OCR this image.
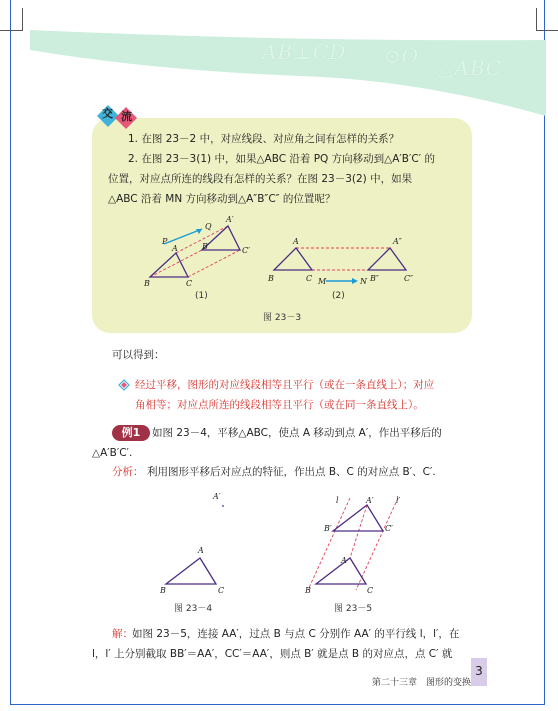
AB⊥CD ⊙O △ABC
交 流
1. 在图 23－2 中，对应线段、对应角之间有怎样的关系？
2. 在图 23－3(1) 中，如果△ABC 沿着 PQ 方向移动到△A′B′C′ 的
位置，对应点所连的线段有怎样的关系？在图 23－3(2) 中，如果
△ABC 沿着 MN 方向移动到△A″B″C″ 的位置呢？
P
Q
A
A′
B′	C′
B	C
A	A″
B	C M	N B″	C″
(1)	(2)
图 23－3
可以得到：
经过平移，图形的对应线段相等且平行（或在一条直线上）；对应
角相等；对应点所连的线段相等且平行（或在同一条直线上）。
例1	如图 23－4，平移△ABC，使点 A 移动到点 A′，作出平移后的
△A′B′C′.
分析： 利用图形平移后对应点的特征，作出点 B、C 的对应点 B′、C′.
A′
A
B	C
l	A′	l′
B′	C′
A
B	C
图 23－4	图 23－5
解： 如图 23－5，连接 AA′，过点 B 与点 C 分别作 AA′ 的平行线 l，l′，在
l，l′ 上分别截取 BB′＝AA′，CC′＝AA′，则点 B′ 就是点 B 的对应点，点 C′ 就
第二十三章　图形的变换
3
